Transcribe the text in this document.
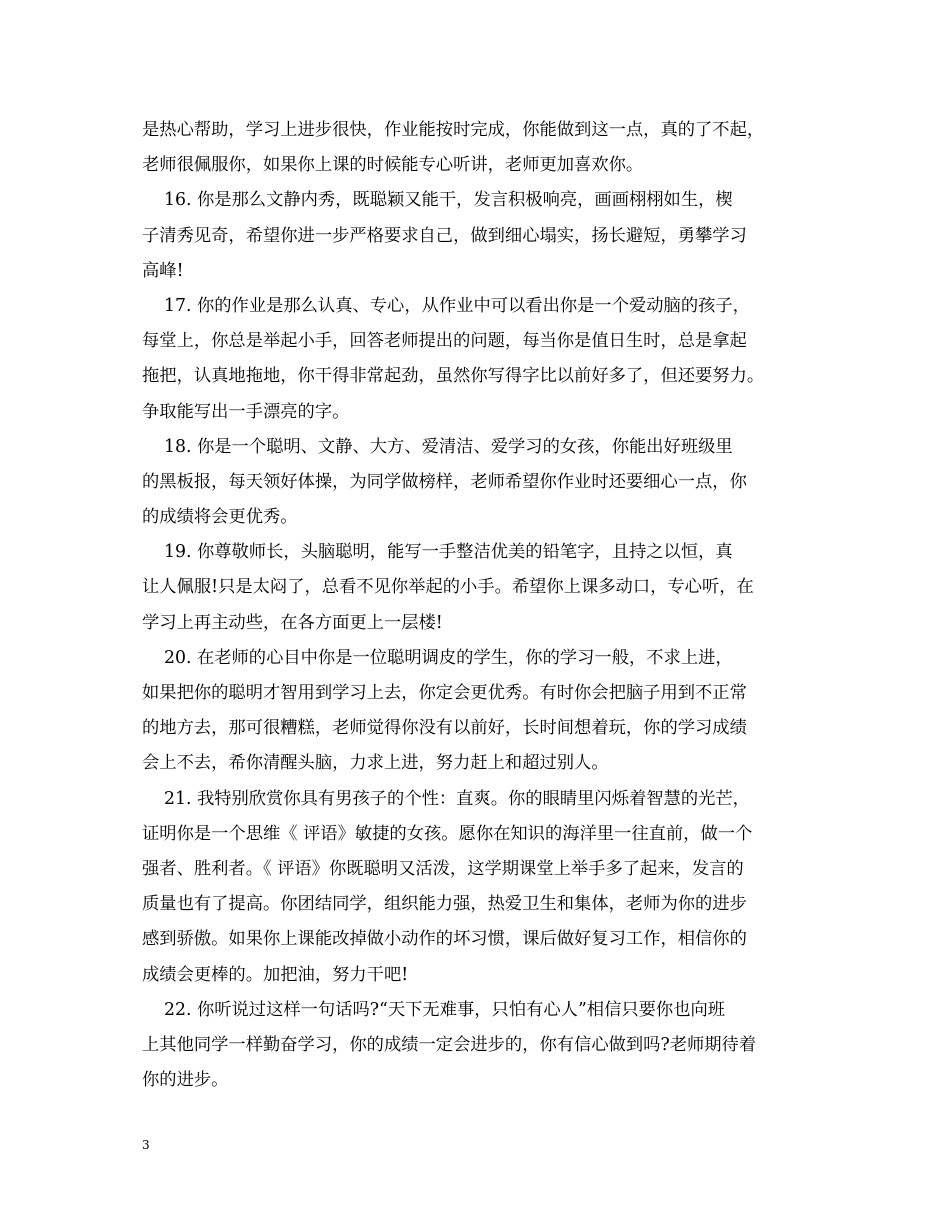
是热心帮助，学习上进步很快，作业能按时完成，你能做到这一点，真的了不起，
老师很佩服你，如果你上课的时候能专心听讲，老师更加喜欢你。
16. 你是那么文静内秀，既聪颖又能干，发言积极响亮，画画栩栩如生，楔
子清秀见奇，希望你进一步严格要求自己，做到细心塌实，扬长避短，勇攀学习
高峰!
17. 你的作业是那么认真、专心，从作业中可以看出你是一个爱动脑的孩子，
每堂上，你总是举起小手，回答老师提出的问题，每当你是值日生时，总是拿起
拖把，认真地拖地，你干得非常起劲，虽然你写得字比以前好多了，但还要努力。
争取能写出一手漂亮的字。
18. 你是一个聪明、文静、大方、爱清洁、爱学习的女孩，你能出好班级里
的黑板报，每天领好体操，为同学做榜样，老师希望你作业时还要细心一点，你
的成绩将会更优秀。
19. 你尊敬师长，头脑聪明，能写一手整洁优美的铅笔字，且持之以恒，真
让人佩服!只是太闷了，总看不见你举起的小手。希望你上课多动口，专心听，在
学习上再主动些，在各方面更上一层楼!
20. 在老师的心目中你是一位聪明调皮的学生，你的学习一般，不求上进，
如果把你的聪明才智用到学习上去，你定会更优秀。有时你会把脑子用到不正常
的地方去，那可很糟糕，老师觉得你没有以前好，长时间想着玩，你的学习成绩
会上不去，希你清醒头脑，力求上进，努力赶上和超过别人。
21. 我特别欣赏你具有男孩子的个性：直爽。你的眼睛里闪烁着智慧的光芒，
证明你是一个思维《 评语》敏捷的女孩。愿你在知识的海洋里一往直前，做一个
强者、胜利者。《 评语》你既聪明又活泼，这学期课堂上举手多了起来，发言的
质量也有了提高。你团结同学，组织能力强，热爱卫生和集体，老师为你的进步
感到骄傲。如果你上课能改掉做小动作的坏习惯，课后做好复习工作，相信你的
成绩会更棒的。加把油，努力干吧!
22. 你听说过这样一句话吗?“天下无难事，只怕有心人”相信只要你也向班
上其他同学一样勤奋学习，你的成绩一定会进步的，你有信心做到吗?老师期待着
你的进步。
3
